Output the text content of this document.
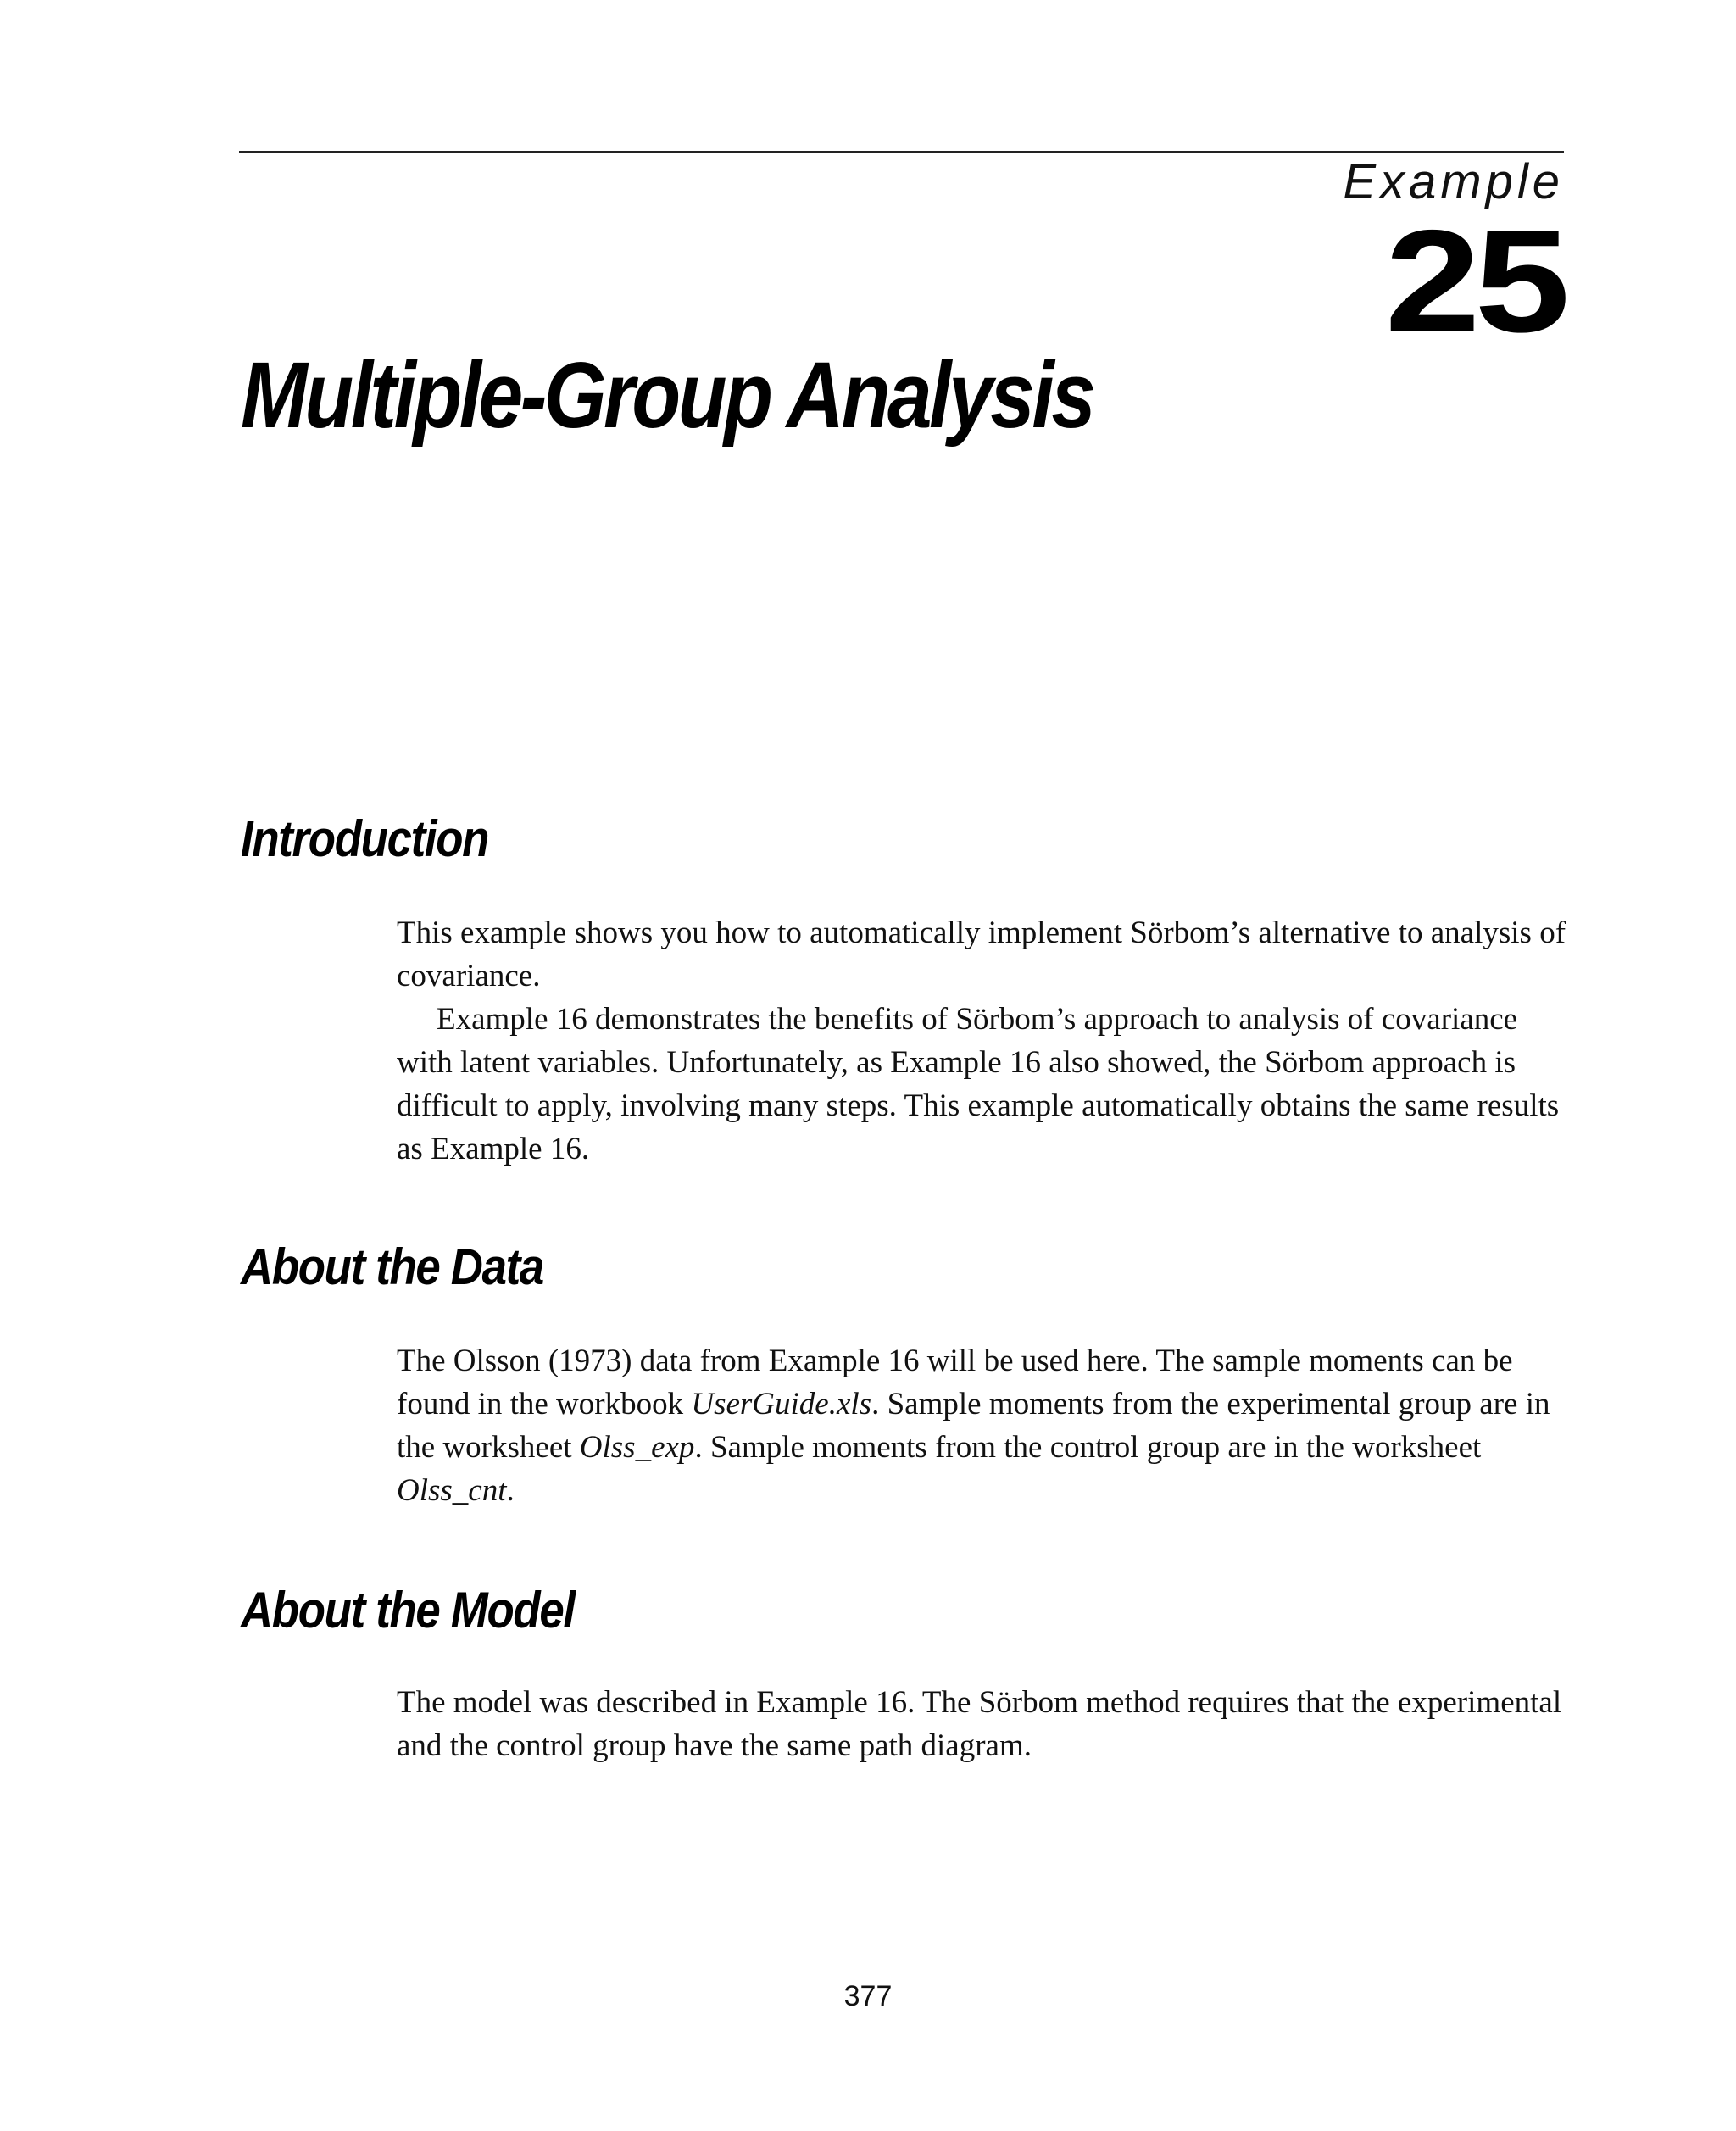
Example
25
Multiple-Group Analysis
Introduction

This example shows you how to automatically implement Sörbom’s alternative to analysis of covariance.

Example 16 demonstrates the benefits of Sörbom’s approach to analysis of covariance with latent variables. Unfortunately, as Example 16 also showed, the Sörbom approach is difficult to apply, involving many steps. This example automatically obtains the same results as Example 16.

About the Data

The Olsson (1973) data from Example 16 will be used here. The sample moments can be found in the workbook UserGuide.xls. Sample moments from the experimental group are in the worksheet Olss_exp. Sample moments from the control group are in the worksheet Olss_cnt.

About the Model

The model was described in Example 16. The Sörbom method requires that the experimental and the control group have the same path diagram.

377
